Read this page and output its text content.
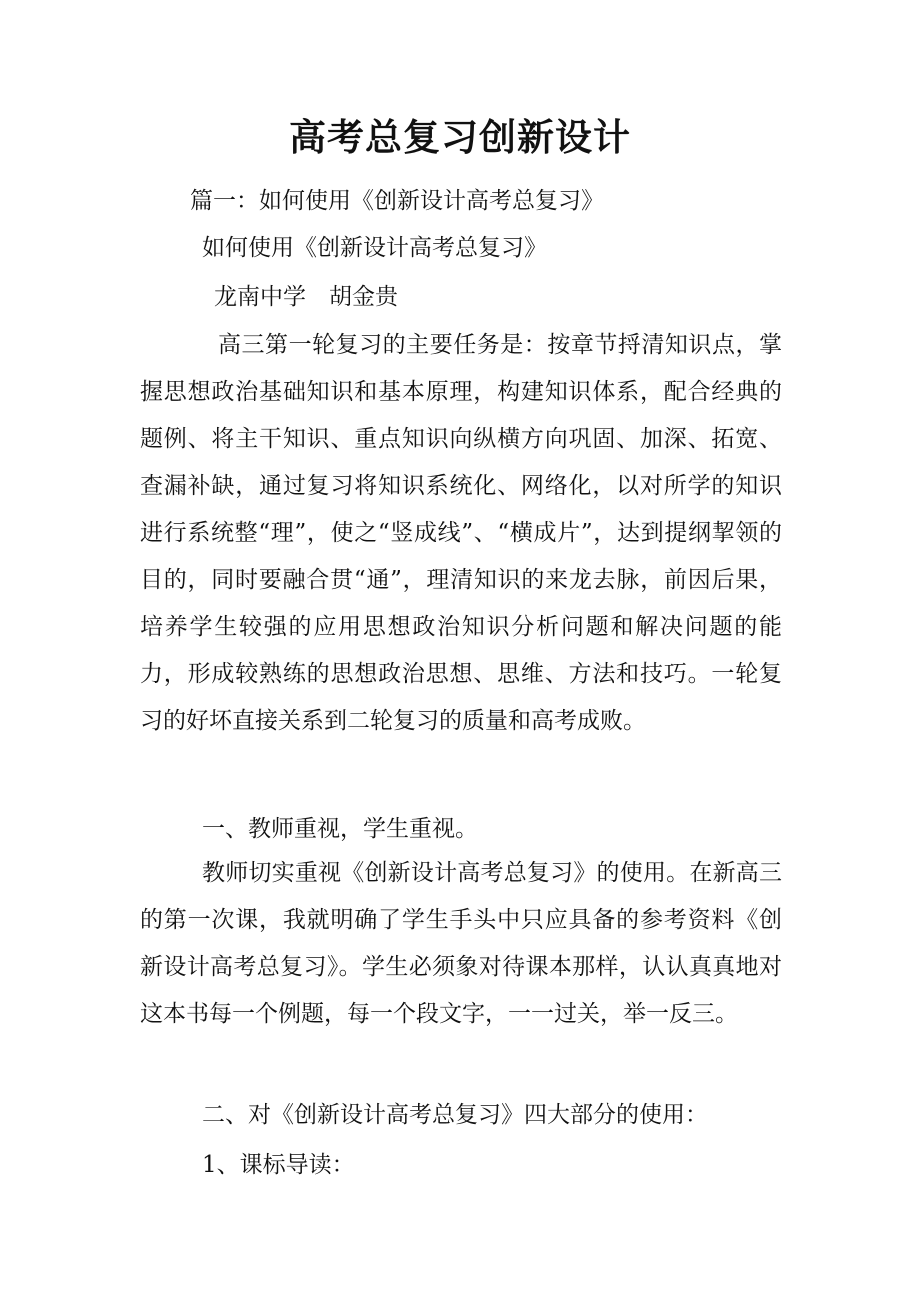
高考总复习创新设计
篇一：如何使用《创新设计高考总复习》
如何使用《创新设计高考总复习》
龙南中学　胡金贵

高三第一轮复习的主要任务是：按章节捋清知识点，掌握思想政治基础知识和基本原理，构建知识体系，配合经典的题例、将主干知识、重点知识向纵横方向巩固、加深、拓宽、查漏补缺，通过复习将知识系统化、网络化，以对所学的知识进行系统整“理”，使之“竖成线”、“横成片”，达到提纲挈领的目的，同时要融合贯“通”，理清知识的来龙去脉，前因后果，培养学生较强的应用思想政治知识分析问题和解决问题的能力，形成较熟练的思想政治思想、思维、方法和技巧。一轮复习的好坏直接关系到二轮复习的质量和高考成败。

一、教师重视，学生重视。

教师切实重视《创新设计高考总复习》的使用。在新高三的第一次课，我就明确了学生手头中只应具备的参考资料《创新设计高考总复习》。学生必须象对待课本那样，认认真真地对这本书每一个例题，每一个段文字，一一过关，举一反三。

二、对《创新设计高考总复习》四大部分的使用：
1、课标导读：
